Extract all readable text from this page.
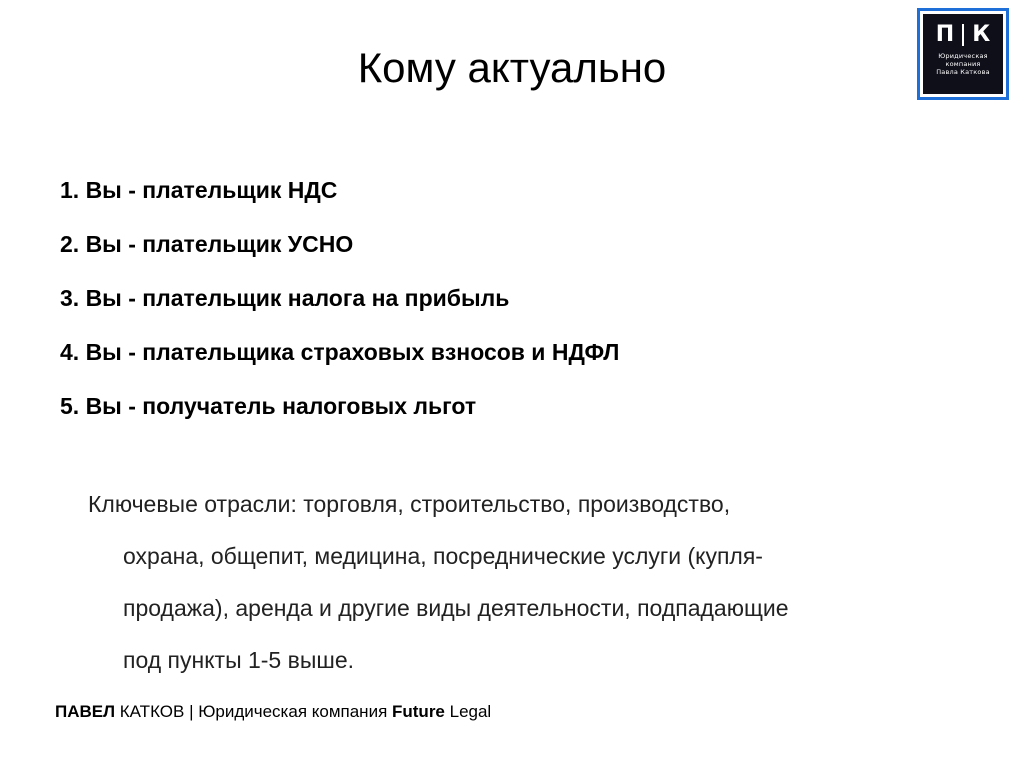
Кому актуально
П К
Юридическая
компания
Павла Катковa
1. Вы - плательщик НДС
2. Вы - плательщик УСНО
3. Вы - плательщик налога на прибыль
4. Вы - плательщика страховых взносов и НДФЛ
5. Вы - получатель налоговых льгот
Ключевые отрасли: торговля, строительство, производство,
охрана, общепит, медицина, посреднические услуги (купля-
продажа), аренда и другие виды деятельности, подпадающие
под пункты 1-5 выше.
ПАВЕЛ КАТКОВ | Юридическая компания Future Legal
